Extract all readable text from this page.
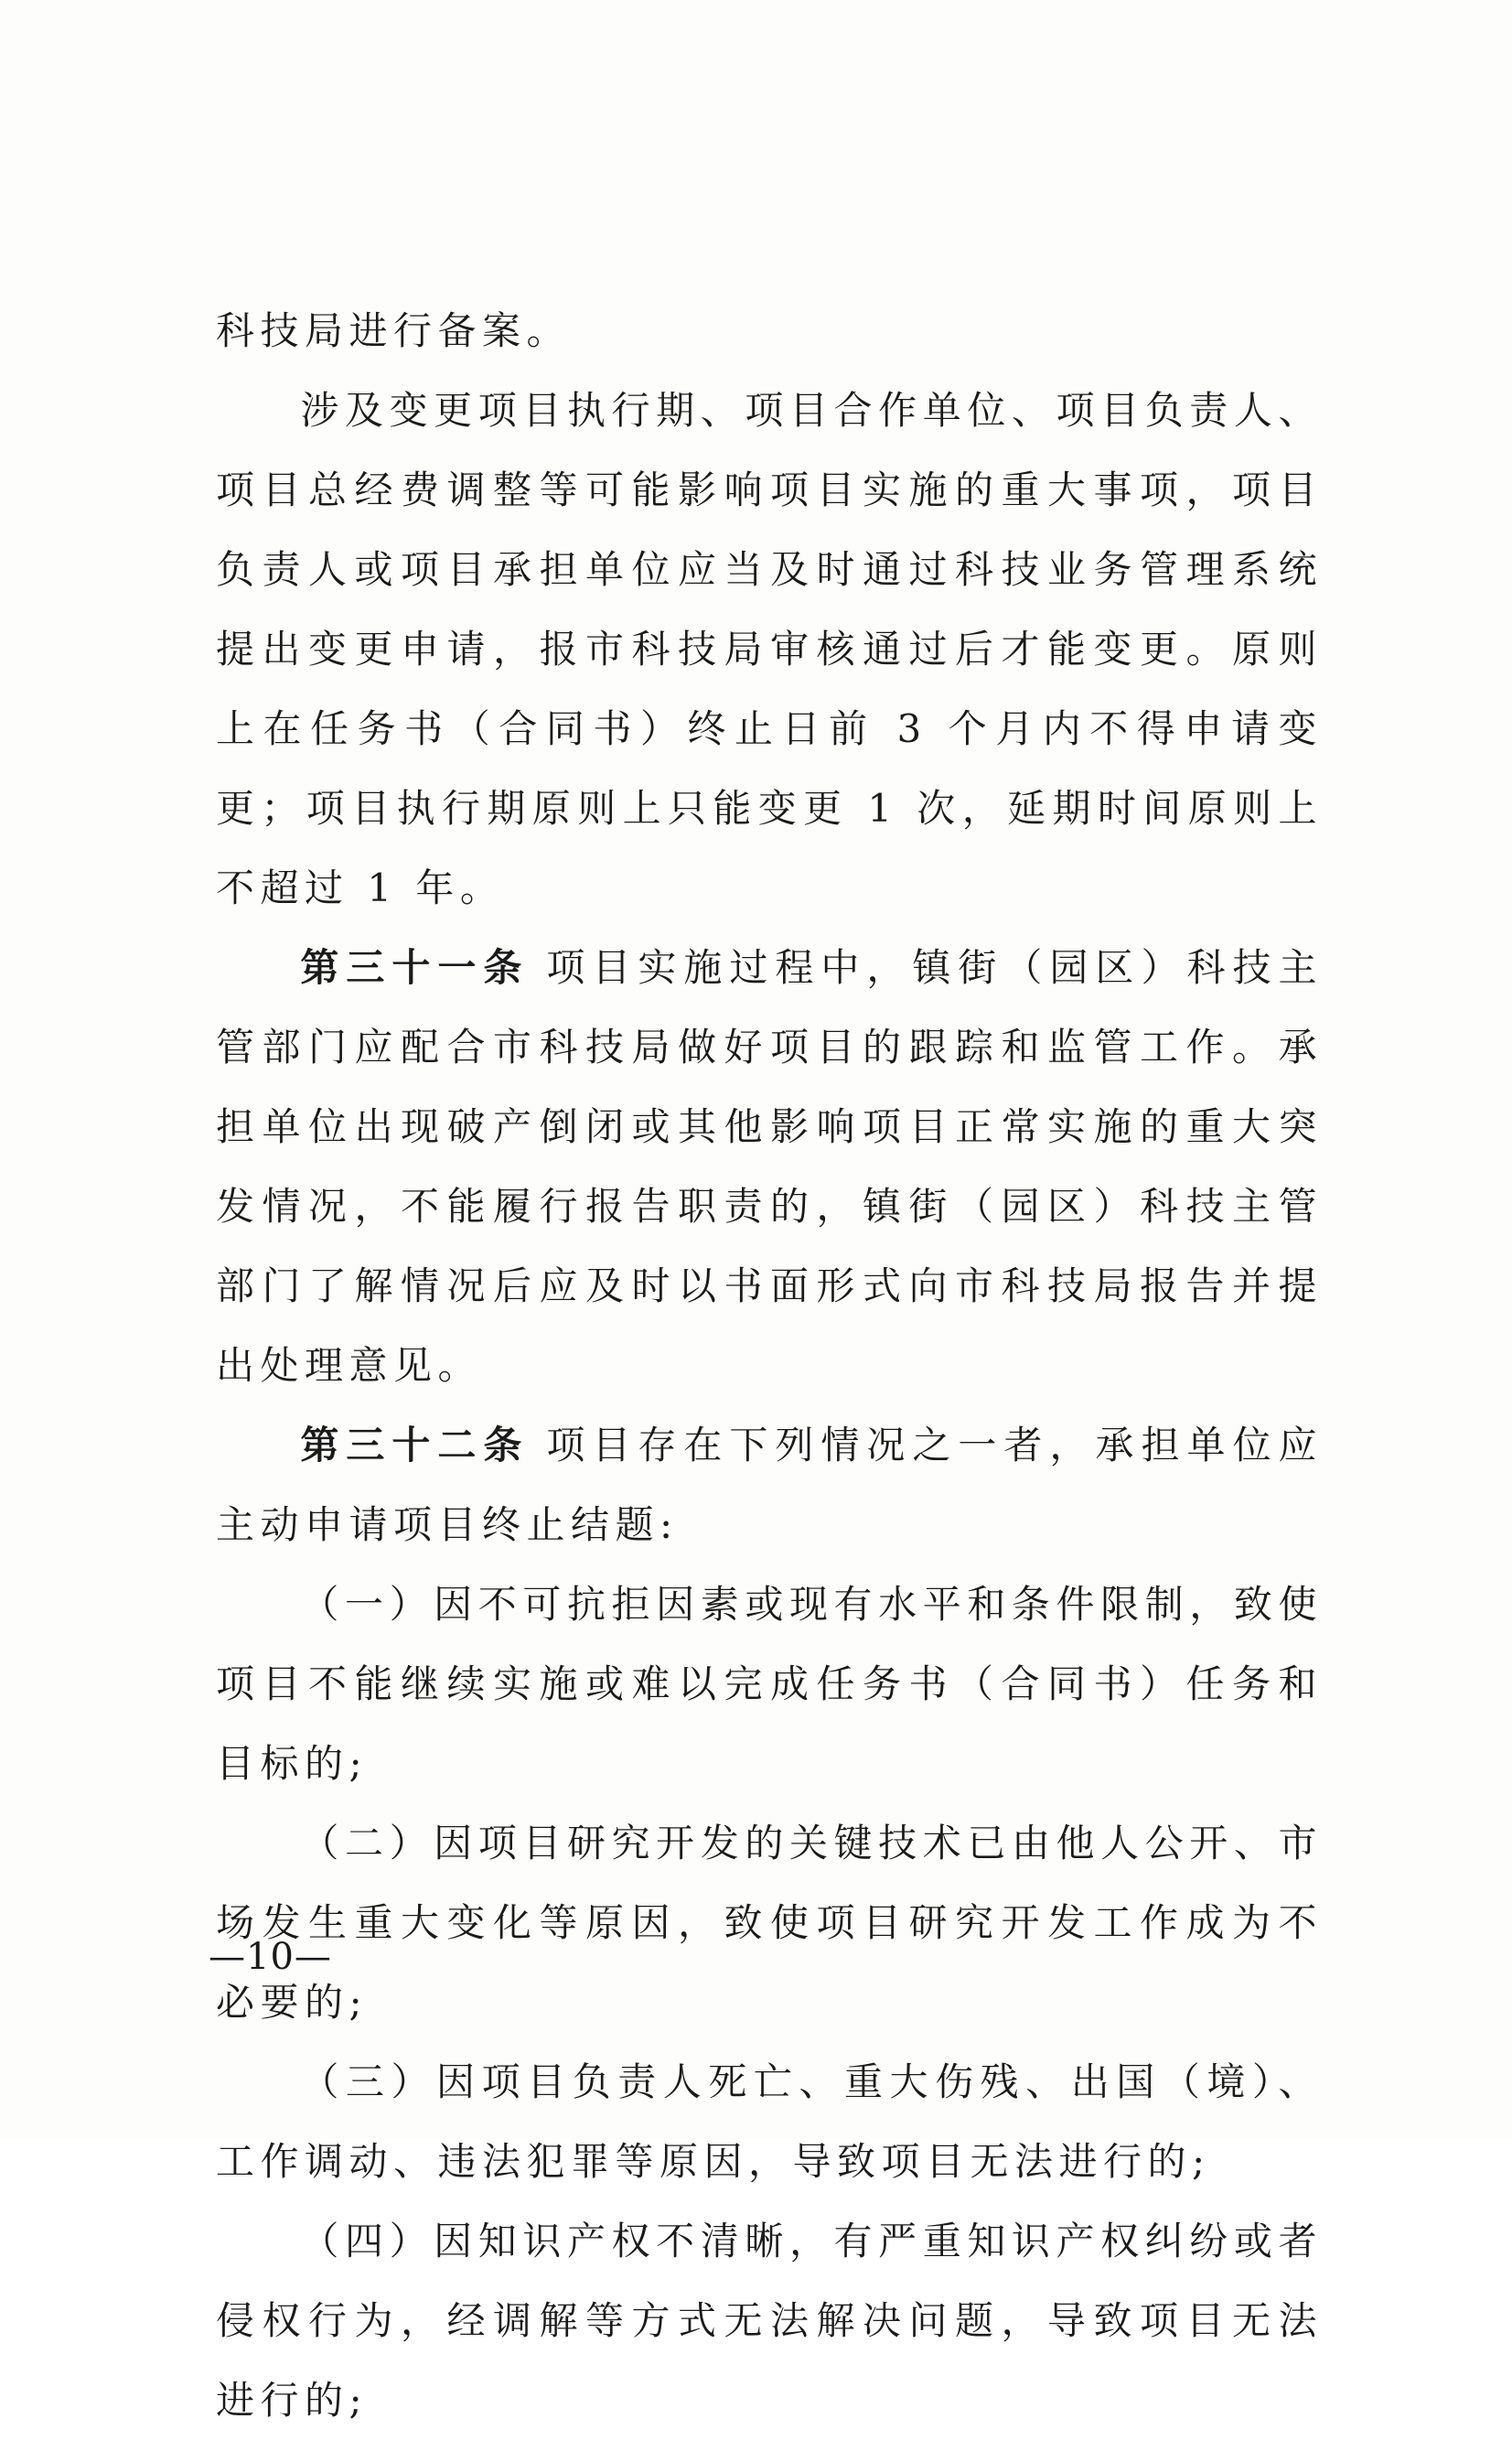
科技局进行备案。

涉及变更项目执行期、项目合作单位、项目负责人、项目总经费调整等可能影响项目实施的重大事项，项目负责人或项目承担单位应当及时通过科技业务管理系统提出变更申请，报市科技局审核通过后才能变更。原则上在任务书（合同书）终止日前 3 个月内不得申请变更；项目执行期原则上只能变更 1 次，延期时间原则上不超过 1 年。

第三十一条 项目实施过程中，镇街（园区）科技主管部门应配合市科技局做好项目的跟踪和监管工作。承担单位出现破产倒闭或其他影响项目正常实施的重大突发情况，不能履行报告职责的，镇街（园区）科技主管部门了解情况后应及时以书面形式向市科技局报告并提出处理意见。

第三十二条 项目存在下列情况之一者，承担单位应主动申请项目终止结题:

（一）因不可抗拒因素或现有水平和条件限制，致使项目不能继续实施或难以完成任务书（合同书）任务和目标的;

（二）因项目研究开发的关键技术已由他人公开、市场发生重大变化等原因，致使项目研究开发工作成为不必要的;

（三）因项目负责人死亡、重大伤残、出国（境）、工作调动、违法犯罪等原因，导致项目无法进行的;

（四）因知识产权不清晰，有严重知识产权纠纷或者侵权行为，经调解等方式无法解决问题，导致项目无法进行的;

—10—
